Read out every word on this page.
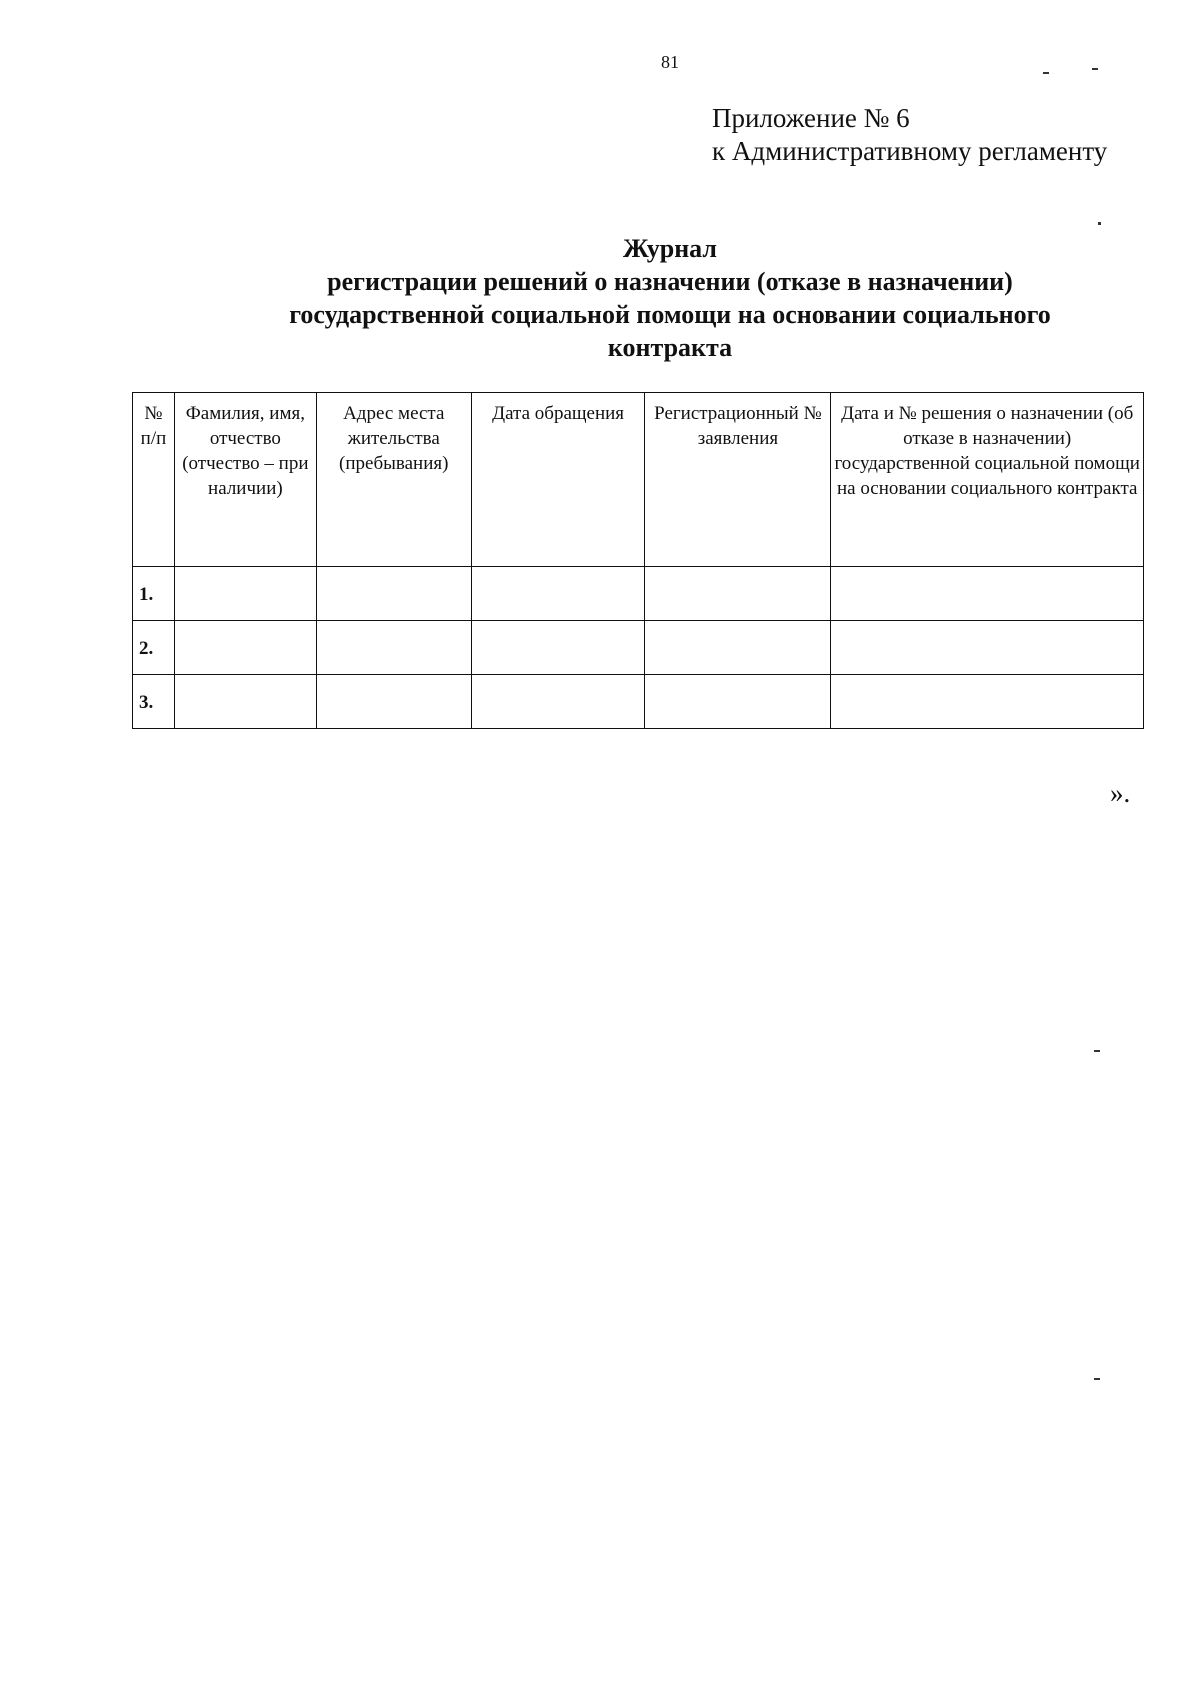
81
Приложение № 6
к Административному регламенту
Журнал
регистрации решений о назначении (отказе в назначении)
государственной социальной помощи на основании социального
контракта
№ п/п	Фамилия, имя, отчество (отчество – при наличии)	Адрес места жительства (пребывания)	Дата обращения	Регистрационный № заявления	Дата и № решения о назначении (об отказе в назначении) государственной социальной помощи на основании социального контракта
1.					
2.					
3.					
».
